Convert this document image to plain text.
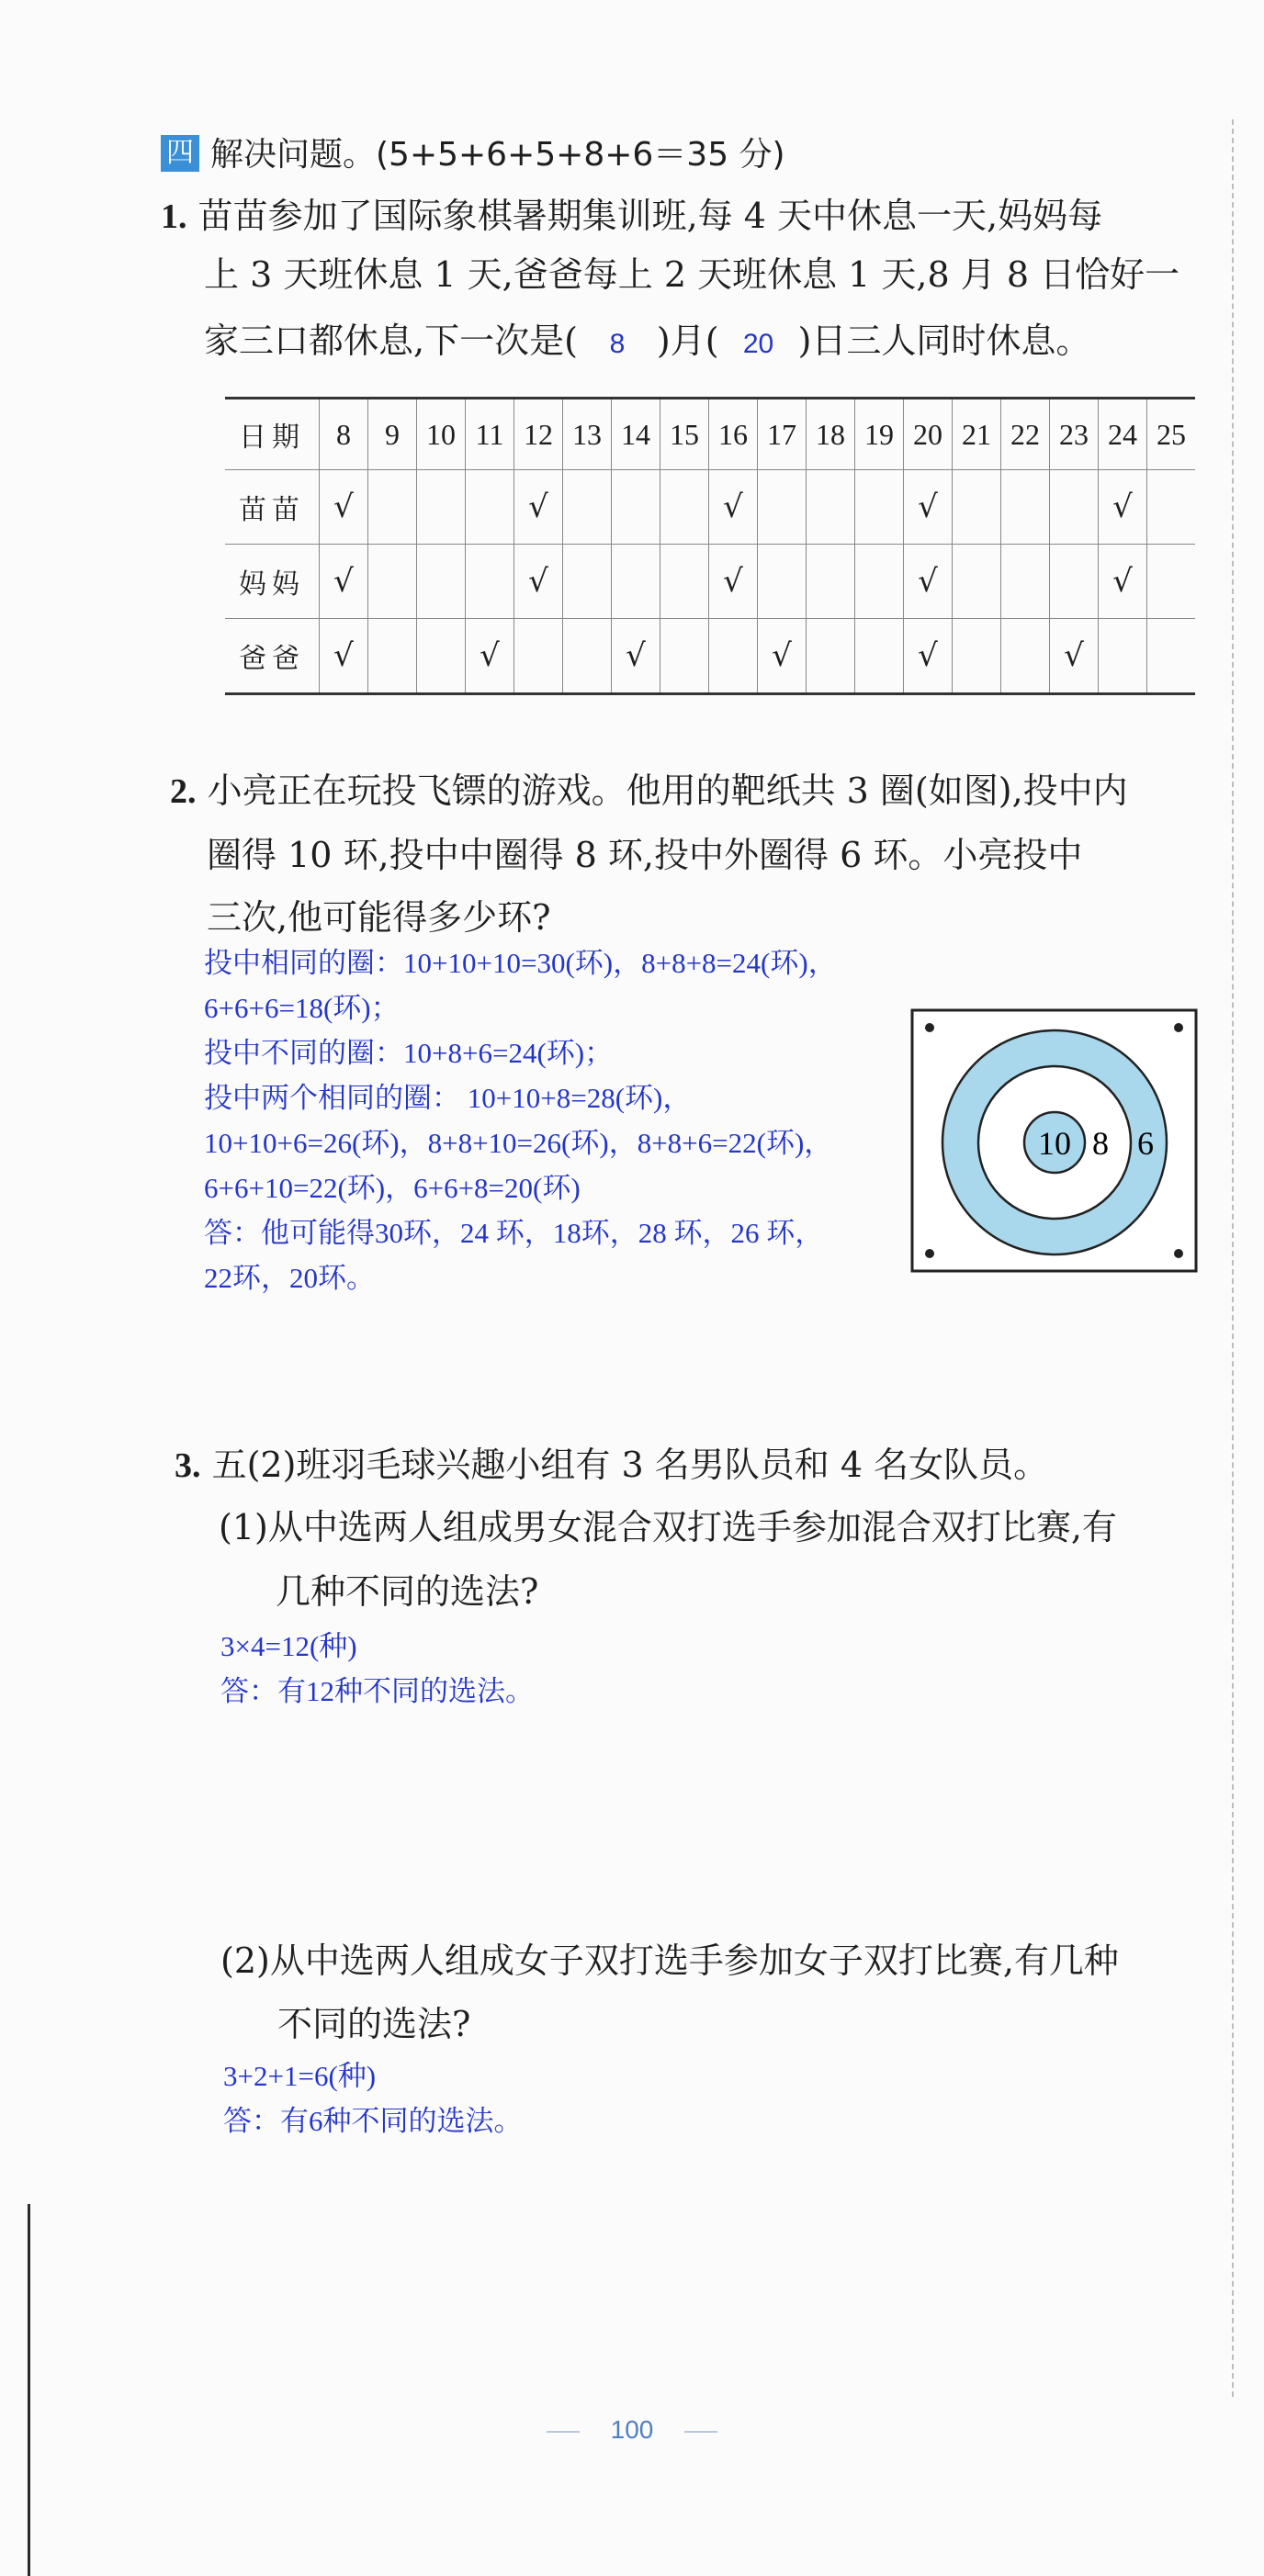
四 解决问题。(5+5+6+5+8+6＝35 分)
1. 苗苗参加了国际象棋暑期集训班,每 4 天中休息一天,妈妈每
上 3 天班休息 1 天,爸爸每上 2 天班休息 1 天,8 月 8 日恰好一
家三口都休息,下一次是( 8 )月( 20 )日三人同时休息。
日期	8	9	10	11	12	13	14	15	16	17	18	19	20	21	22	23	24	25
苗苗	√				√				√				√				√	
妈妈	√				√				√				√				√	
爸爸	√			√			√			√			√			√		
2. 小亮正在玩投飞镖的游戏。他用的靶纸共 3 圈(如图),投中内
圈得 10 环,投中中圈得 8 环,投中外圈得 6 环。小亮投中
三次,他可能得多少环?
投中相同的圈：10+10+10=30(环)，8+8+8=24(环)，
6+6+6=18(环)；
投中不同的圈：10+8+6=24(环)；
投中两个相同的圈： 10+10+8=28(环)，
10+10+6=26(环)，8+8+10=26(环)，8+8+6=22(环)，
6+6+10=22(环)，6+6+8=20(环)
答：他可能得30环，24 环，18环，28 环，26 环，
22环，20环。
10 8 6
3. 五(2)班羽毛球兴趣小组有 3 名男队员和 4 名女队员。
(1)从中选两人组成男女混合双打选手参加混合双打比赛,有
几种不同的选法?
3×4=12(种)
答：有12种不同的选法。
(2)从中选两人组成女子双打选手参加女子双打比赛,有几种
不同的选法?
3+2+1=6(种)
答：有6种不同的选法。
100
